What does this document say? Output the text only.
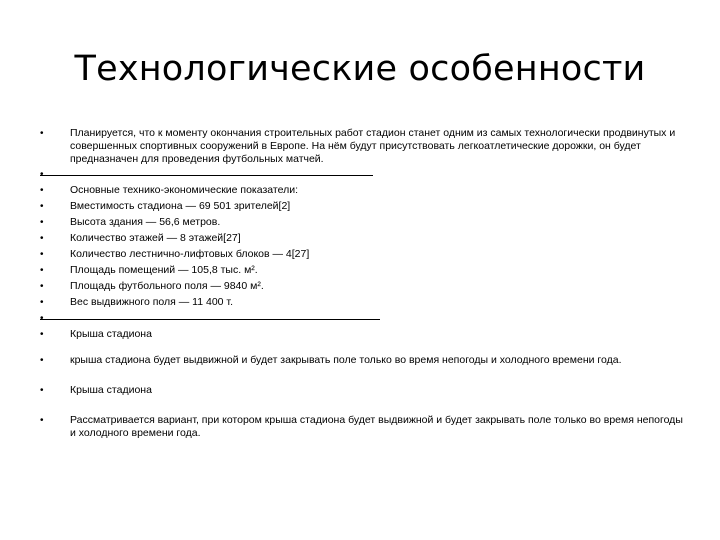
Технологические особенности
•	Планируется, что к моменту окончания строительных работ стадион станет одним из самых технологически продвинутых и совершенных спортивных сооружений в Европе. На нём будут присутствовать легкоатлетические дорожки, он будет предназначен для проведения футбольных матчей.
•
•	Основные технико-экономические показатели:
•	Вместимость стадиона — 69 501 зрителей[2]
•	Высота здания — 56,6 метров.
•	Количество этажей — 8 этажей[27]
•	Количество лестнично-лифтовых блоков — 4[27]
•	Площадь помещений — 105,8 тыс. м².
•	Площадь футбольного поля — 9840 м².
•	Вес выдвижного поля — 11 400 т.
•
•	Крыша стадиона
•	крыша стадиона будет выдвижной и будет закрывать поле только во время непогоды и холодного времени года.
•	Крыша стадиона
•	Рассматривается вариант, при котором крыша стадиона будет выдвижной и будет закрывать поле только во время непогоды и холодного времени года.
